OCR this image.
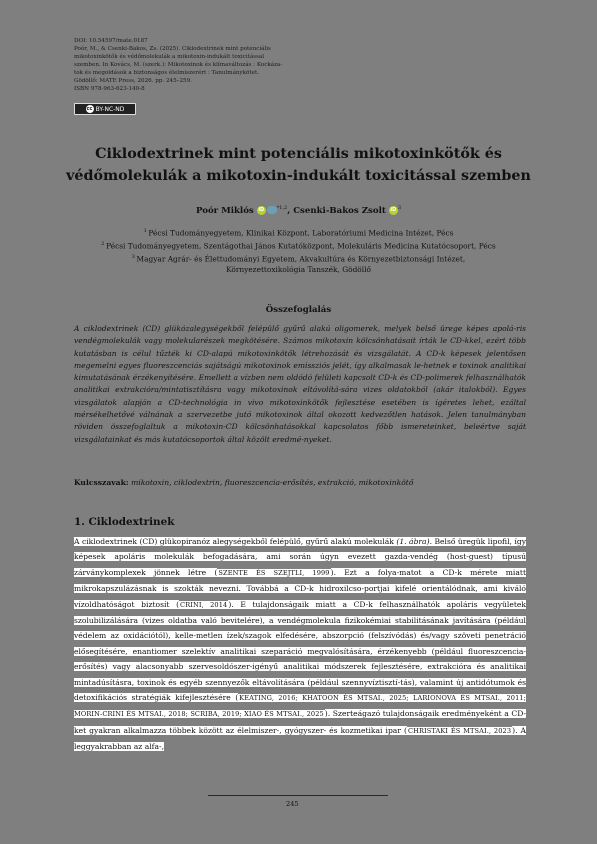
DOI: 10.54597/mate.0187
Poór, M., & Csenki-Bakos, Zs. (2025). Ciklodextrinek mint potenciális
mikotoxinkötők és védőmolekulák a mikotoxin-indukált toxicitással
szemben. In Kovács, M. (szerk.): Mikotoxinok és klímaváltozás : Kockáza-
tok és megoldások a biztonságos élelmiszerért : Tanulmánykötet.
Gödöllő: MATE Press, 2026. pp. 245–259.
ISBN 978-963-623-140-8
cc BY-NC-ND
Ciklodextrinek mint potenciális mikotoxinkötők és
védőmolekulák a mikotoxin-indukált toxicitással szemben
Poór Miklós iD	$^{*1,2}$, Csenki-Bakos Zsolt iD $^3$
$^1$ Pécsi Tudományegyetem, Klinikai Központ, Laboratóriumi Medicina Intézet, Pécs
$^2$ Pécsi Tudományegyetem, Szentágothai János Kutatóközpont, Molekuláris Medicina Kutatócsoport, Pécs
$^3$ Magyar Agrár- és Élettudományi Egyetem, Akvakultúra és Környezetbiztonsági Intézet,
Környezettoxikológia Tanszék, Gödöllő
Összefoglalás
A ciklodextrinek (CD) glükózalegységekből felépülő gyűrű alakú oligomerek, melyek belső ürege képes apolá-ris vendégmolekulák vagy molekularészek megkötésére. Számos mikotoxin kölcsönhatásait írták le CD-kkel, ezért több kutatásban is célul tűzték ki CD-alapú mikotoxinkötők létrehozását és vizsgálatát. A CD-k képesek jelentősen megemelni egyes fluoreszcenciás sajátságú mikotoxinok emissziós jelét, így alkalmasak le-hetnek e toxinok analitikai kimutatásának érzékenyítésére. Emellett a vízben nem oldódó felületi kapcsolt CD-k és CD-polimerek felhasználhatók analitikai extrakcióra/mintatisztításra vagy mikotoxinok eltávolítá-sára vizes oldatokból (akár italokból). Egyes vizsgálatok alapján a CD-technológia in vivo mikotoxinkötők fejlesztése esetében is ígéretes lehet, ezáltal mérsékelhetővé válnának a szervezetbe jutó mikotoxinok által okozott kedvezőtlen hatások. Jelen tanulmányban röviden összefoglaltuk a mikotoxin-CD kölcsönhatásokkal kapcsolatos főbb ismereteinket, beleértve saját vizsgálatainkat és más kutatócsoportok által közölt eredmé-nyeket.
Kulcsszavak: mikotoxin, ciklodextrin, fluoreszcencia-erősítés, extrakció, mikotoxinkötő
1. Ciklodextrinek
A ciklodextrinek (CD) glükopiranóz alegységekből felépülő, gyűrű alakú molekulák (1. ábra). Belső üregük lipofil, így képesek apoláris molekulák befogadására, ami során úgyn evezett gazda-vendég (host-guest) típusú zárványkomplexek jönnek létre (SZENTE ÉS SZEJTLI, 1999). Ezt a folya-matot a CD-k mérete miatt mikrokapszulázásnak is szokták nevezni. Továbbá a CD-k hidroxilcso-portjai kifelé orientálódnak, ami kiváló vízoldhatóságot biztosít (CRINI, 2014). E tulajdonságaik miatt a CD-k felhasználhatók apoláris vegyületek szolubilizálására (vizes oldatba való bevitelére), a vendégmolekula fizikokémiai stabilitásának javítására (például védelem az oxidációtól), kelle-metlen ízek/szagok elfedésére, abszorpció (felszívódás) és/vagy szöveti penetráció elősegítésére, enantiomer szelektív analitikai szeparáció megvalósítására, érzékenyebb (például fluoreszcencia-erősítés) vagy alacsonyabb szervesoldószer-igényű analitikai módszerek fejlesztésére, extrakcióra és analitikai mintadúsításra, toxinok és egyéb szennyezők eltávolítására (például szennyvíztisztí-tás), valamint új antidótumok és detoxifikációs stratégiák kifejlesztésére (KEATING, 2016; KHATOON ÉS MTSAI., 2025; LARIONOVA ÉS MTSAI., 2011; MORIN-CRINI ÉS MTSAI., 2018; SCRIBA, 2019; XIAO ÉS MTSAI., 2025). Szerteágazó tulajdonságaik eredményeként a CD-ket gyakran alkalmazza többek között az élelmiszer-, gyógyszer- és kozmetikai ipar (CHRISTAKI ÉS MTSAI., 2023). A leggyakrabban az alfa-,
245
